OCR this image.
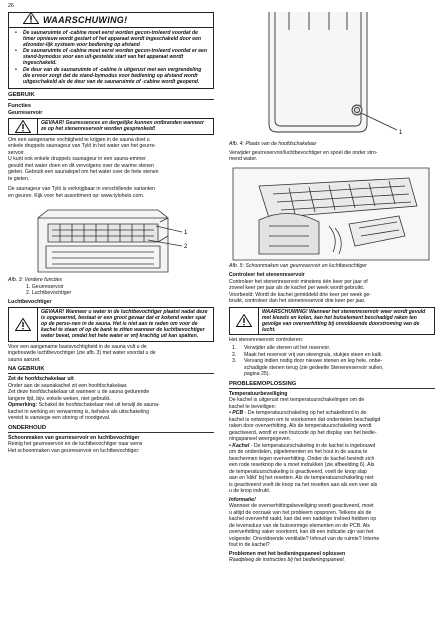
26
WAARSCHUWING!
•	De saunaruimte of -cabine moet eerst worden gecon-troleerd voordat de timer opnieuw wordt gestart of het apparaat wordt ingeschakeld door een afzonder-lijk systeem voor bediening op afstand
•	De saunaruimte of -cabine moet eerst worden gecon-troleerd voordat er een stand-bymodus voor een uit-gestelde start van het apparaat wordt ingeschakeld.
•	De deur van de saunaruimte of -cabine is uitgerust met een vergrendeling die ervoor zorgt dat de stand-bymodus voor bediening op afstand wordt uitgeschakeld als de deur van de saunaruimte of -cabine wordt geopend.
GEBRUIK

Functies

Geurreservoir

GEVAAR! Geuressences en dergelijke kunnen ontbranden wanneer ze op het stenenreservoir worden gesprenkeld!

Om een aangename vochtigheid te krijgen in de sauna doet u

enkele druppels saunageur van Tylö in het water van het geurre-

servoir.

U kunt ook enkele druppels saunageur in een sauna-emmer

gevuld met water doen en dit vervolgens over de warme stenen

gieten. Gebruik een saunalepel om het water over de hete stenen

te gieten.

De saunageur van Tylö is verkrijgbaar in verschillende varianten

en geuren. Kijk voor het assortiment op: www.tylohelo.com.

1
2

Afb. 3: Verdere functies

1. Geurreservoir

2. Luchtbevochtiger

Luchtbevochtiger

GEVAAR! Wanneer u water in de luchtbevochtiger plaatst nadat deze is opgewarmd, bestaat er een groot gevaar dat er kokend water spat op de perso-nen in de sauna. Het is niet aan te raden om voor de kachel te staan of op de bank te zitten wanneer de luchtbevochtiger water bevat, omdat het hete water er vrij krachtig uit kan spatten.

Voor een aangename basisvochtigheid in de sauna vult u de

ingebouwde luchtbevochtiger (zie afb. 3) met water voordat u de

sauna aanzet.

NA GEBRUIK

Zet de hoofdschakelaar uit

Onder aan de saunakachel zit een hoofdschakelaar.

Zet deze hoofdschakelaar uit wanneer u de sauna gedurende

langere tijd, bijv. enkele weken, niet gebruikt.

Opmerking: Schakel de hoofdschakelaar niet uit terwijl de sauna-

kachel in werking en verwarming is, behalve als uitschakeling

vereist is vanwege een storing of noodgeval.

ONDERHOUD

Schoonmaken van geurreservoir en luchtbevochtiger

Reinig het geurreservoir en de luchtbevochtiger naar wens

Het schoonmaken van geurreservoir en luchtbevochtiger:

1

Afb. 4: Plaats van de hoofdschakelaar

Verwijder geurreservoir/luchtbevochtiger en spoel die onder stro-

mend water.

Afb. 5: Schoonmaken van geurreservoir en luchtbevochtiger

Controleer het stenenreservoir

Controleer het stenenreservoir minstens één keer per jaar of

zoveel keer per jaar als de kachel per week wordt gebruikt.

Voorbeeld: Wordt de kachel gemiddeld drie keer per week ge-

bruikt, controleer dan het stenenreservoir drie keer per jaar.

WAARSCHUWING! Wanneer het stenenreservoir weer wordt gevuld met kiezels en kolen, kan het buiselement beschadigd raken ten gevolge van oververhitting bij onvoldoende doorstroming van de lucht.

Het stenenreservoir controleren:

1.	Verwijder alle stenen uit het reservoir.
2.	Maak het reservoir vrij van steengruis, stukjes steen en kalk.
3.	Vervang indien nodig door nieuwe stenen en leg hele, onbe-
schadigde stenen terug (zie gedeelte Stenenreservoir vullen,
pagina 25).
PROBLEEMOPLOSSING

Temperatuurbeveiliging

De kachel is uitgerust met temperatuurschakelingen om de

kachel te beveiligen:

• PCB - De temperatuurschakeling op het schakelbord in de

kachel is ontworpen om te voorkomen dat onderdelen beschadigd

raken door oververhitting. Als de temperatuurschakeling wordt

geactiveerd, wordt er een foutcode op het display van het bedie-

ningspaneel weergegeven.

• Kachel - De temperatuurschakeling in de kachel is ingebouwd

om de onderdelen, pijpelementen en het hout in de sauna te

beschermen tegen oververhitting. Onder de kachel bevindt zich

een rode resetknop die u moet indrukken (zie afbeelding 6). Als

de temperatuurschakeling is geactiveerd, voelt de knop slap

aan en 'klikt' bij het resetten. Als de temperatuurschakeling niet

is geactiveerd voelt de knop na het resetten aan als een veer als

u de knop indrukt.

Informatie!

Wanneer de oververhittingsbeveiliging wordt geactiveerd, moet

u altijd de oorzaak van het probleem opsporen. Telkens als de

kachel oververhit raakt, kan dat een nadelige invloed hebben op

de levensduur van de buisvormige elementen en de PCB. Als

oververhitting vaker voorkomt, kan dit een indicatie zijn van het

volgende: Onvoldoende ventilatie? Inhoud van de ruimte? Interne

fout in de kachel?

Problemen met het bedieningspaneel oplossen

Raadpleeg de instructies bij het bedieningspaneel.
